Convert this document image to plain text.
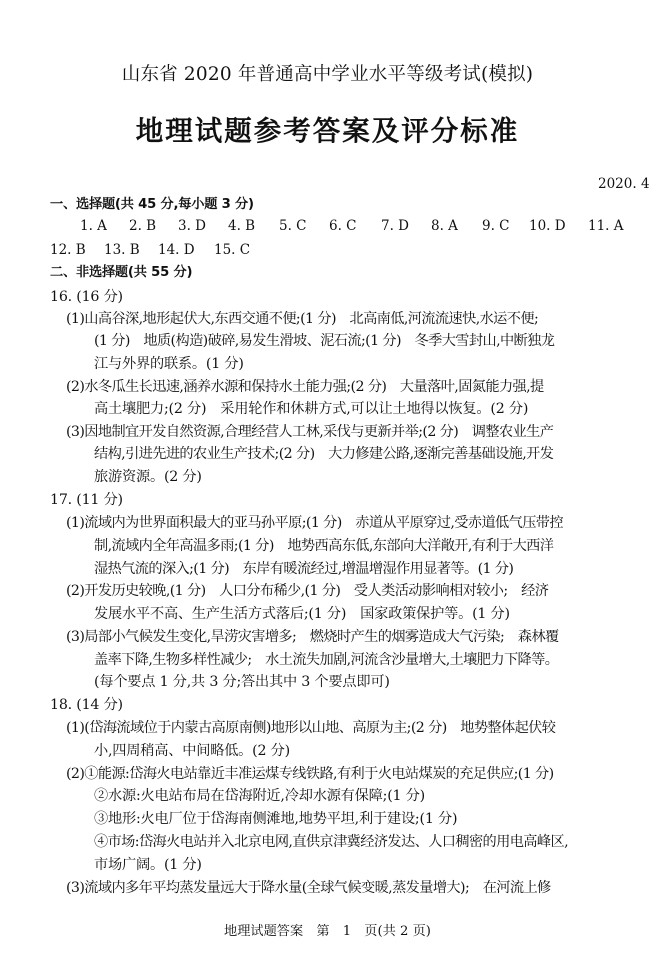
山东省 2020 年普通高中学业水平等级考试(模拟)
地理试题参考答案及评分标准
2020. 4
一、选择题(共 45 分,每小题 3 分)
1. A 2. B 3. D 4. B 5. C 6. C 7. D 8. A 9. C 10. D 11. A
12. B 13. B 14. D 15. C
二、非选择题(共 55 分)
16. (16 分)
(1)山高谷深,地形起伏大,东西交通不便;(1 分)　北高南低,河流流速快,水运不便;
(1 分)　地质(构造)破碎,易发生滑坡、泥石流;(1 分)　冬季大雪封山,中断独龙
江与外界的联系。(1 分)
(2)水冬瓜生长迅速,涵养水源和保持水土能力强;(2 分)　大量落叶,固氮能力强,提
高土壤肥力;(2 分)　采用轮作和休耕方式,可以让土地得以恢复。(2 分)
(3)因地制宜开发自然资源,合理经营人工林,采伐与更新并举;(2 分)　调整农业生产
结构,引进先进的农业生产技术;(2 分)　大力修建公路,逐渐完善基础设施,开发
旅游资源。(2 分)
17. (11 分)
(1)流域内为世界面积最大的亚马孙平原;(1 分)　赤道从平原穿过,受赤道低气压带控
制,流域内全年高温多雨;(1 分)　地势西高东低,东部向大洋敞开,有利于大西洋
湿热气流的深入;(1 分)　东岸有暖流经过,增温增湿作用显著等。(1 分)
(2)开发历史较晚,(1 分)　人口分布稀少,(1 分)　受人类活动影响相对较小;　经济
发展水平不高、生产生活方式落后;(1 分)　国家政策保护等。(1 分)
(3)局部小气候发生变化,旱涝灾害增多;　燃烧时产生的烟雾造成大气污染;　森林覆
盖率下降,生物多样性减少;　水土流失加剧,河流含沙量增大,土壤肥力下降等。
(每个要点 1 分,共 3 分;答出其中 3 个要点即可)
18. (14 分)
(1)(岱海流域位于内蒙古高原南侧)地形以山地、高原为主;(2 分)　地势整体起伏较
小,四周稍高、中间略低。(2 分)
(2)①能源:岱海火电站靠近丰准运煤专线铁路,有利于火电站煤炭的充足供应;(1 分)
②水源:火电站布局在岱海附近,冷却水源有保障;(1 分)
③地形:火电厂位于岱海南侧滩地,地势平坦,利于建设;(1 分)
④市场:岱海火电站并入北京电网,直供京津冀经济发达、人口稠密的用电高峰区,
市场广阔。(1 分)
(3)流域内多年平均蒸发量远大于降水量(全球气候变暖,蒸发量增大);　在河流上修
地理试题答案　第　1　页(共 2 页)
